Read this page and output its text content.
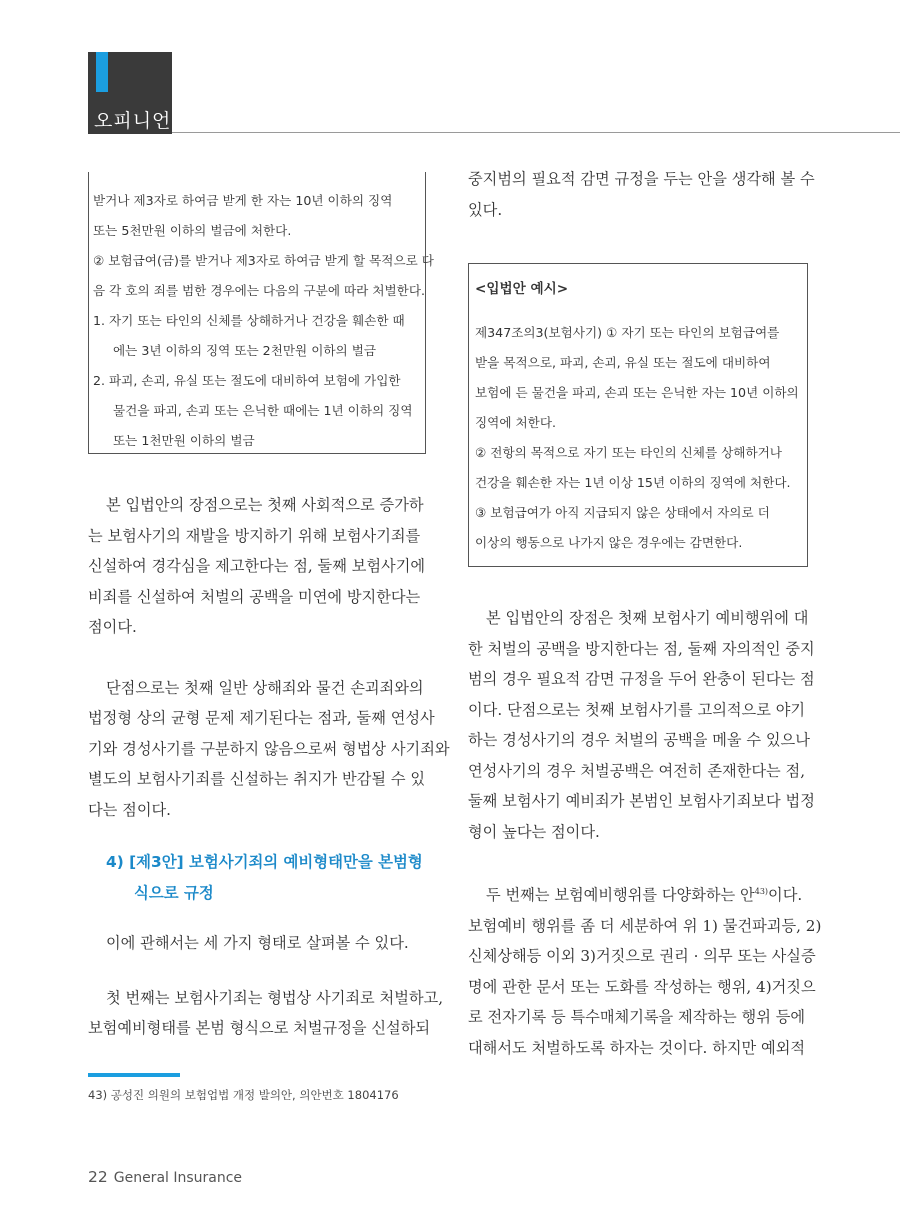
오피니언
받거나 제3자로 하여금 받게 한 자는 10년 이하의 징역
또는 5천만원 이하의 벌금에 처한다.
② 보험급여(금)를 받거나 제3자로 하여금 받게 할 목적으로 다
음 각 호의 죄를 범한 경우에는 다음의 구분에 따라 처벌한다.
1. 자기 또는 타인의 신체를 상해하거나 건강을 훼손한 때
에는 3년 이하의 징역 또는 2천만원 이하의 벌금
2. 파괴, 손괴, 유실 또는 절도에 대비하여 보험에 가입한
물건을 파괴, 손괴 또는 은닉한 때에는 1년 이하의 징역
또는 1천만원 이하의 벌금

본 입법안의 장점으로는 첫째 사회적으로 증가하
는 보험사기의 재발을 방지하기 위해 보험사기죄를
신설하여 경각심을 제고한다는 점, 둘째 보험사기에
비죄를 신설하여 처벌의 공백을 미연에 방지한다는
점이다.

단점으로는 첫째 일반 상해죄와 물건 손괴죄와의
법정형 상의 균형 문제 제기된다는 점과, 둘째 연성사
기와 경성사기를 구분하지 않음으로써 형법상 사기죄와
별도의 보험사기죄를 신설하는 취지가 반감될 수 있
다는 점이다.

4) [제3안] 보험사기죄의 예비형태만을 본범형
식으로 규정

이에 관해서는 세 가지 형태로 살펴볼 수 있다.

첫 번째는 보험사기죄는 형법상 사기죄로 처벌하고,
보험예비형태를 본범 형식으로 처벌규정을 신설하되

중지범의 필요적 감면 규정을 두는 안을 생각해 볼 수
있다.

<입법안 예시>
제347조의3(보험사기) ① 자기 또는 타인의 보험급여를
받을 목적으로, 파괴, 손괴, 유실 또는 절도에 대비하여
보험에 든 물건을 파괴, 손괴 또는 은닉한 자는 10년 이하의
징역에 처한다.
② 전항의 목적으로 자기 또는 타인의 신체를 상해하거나
건강을 훼손한 자는 1년 이상 15년 이하의 징역에 처한다.
③ 보험급여가 아직 지급되지 않은 상태에서 자의로 더
이상의 행동으로 나가지 않은 경우에는 감면한다.

본 입법안의 장점은 첫째 보험사기 예비행위에 대
한 처벌의 공백을 방지한다는 점, 둘째 자의적인 중지
범의 경우 필요적 감면 규정을 두어 완충이 된다는 점
이다. 단점으로는 첫째 보험사기를 고의적으로 야기
하는 경성사기의 경우 처벌의 공백을 메울 수 있으나
연성사기의 경우 처벌공백은 여전히 존재한다는 점,
둘째 보험사기 예비죄가 본범인 보험사기죄보다 법정
형이 높다는 점이다.

두 번째는 보험예비행위를 다양화하는 안$^{43)}$이다.
보험예비 행위를 좀 더 세분하여 위 1) 물건파괴등, 2)
신체상해등 이외 3)거짓으로 권리 · 의무 또는 사실증
명에 관한 문서 또는 도화를 작성하는 행위, 4)거짓으
로 전자기록 등 특수매체기록을 제작하는 행위 등에
대해서도 처벌하도록 하자는 것이다. 하지만 예외적

43) 공성진 의원의 보험업법 개정 발의안, 의안번호 1804176
22 General Insurance
